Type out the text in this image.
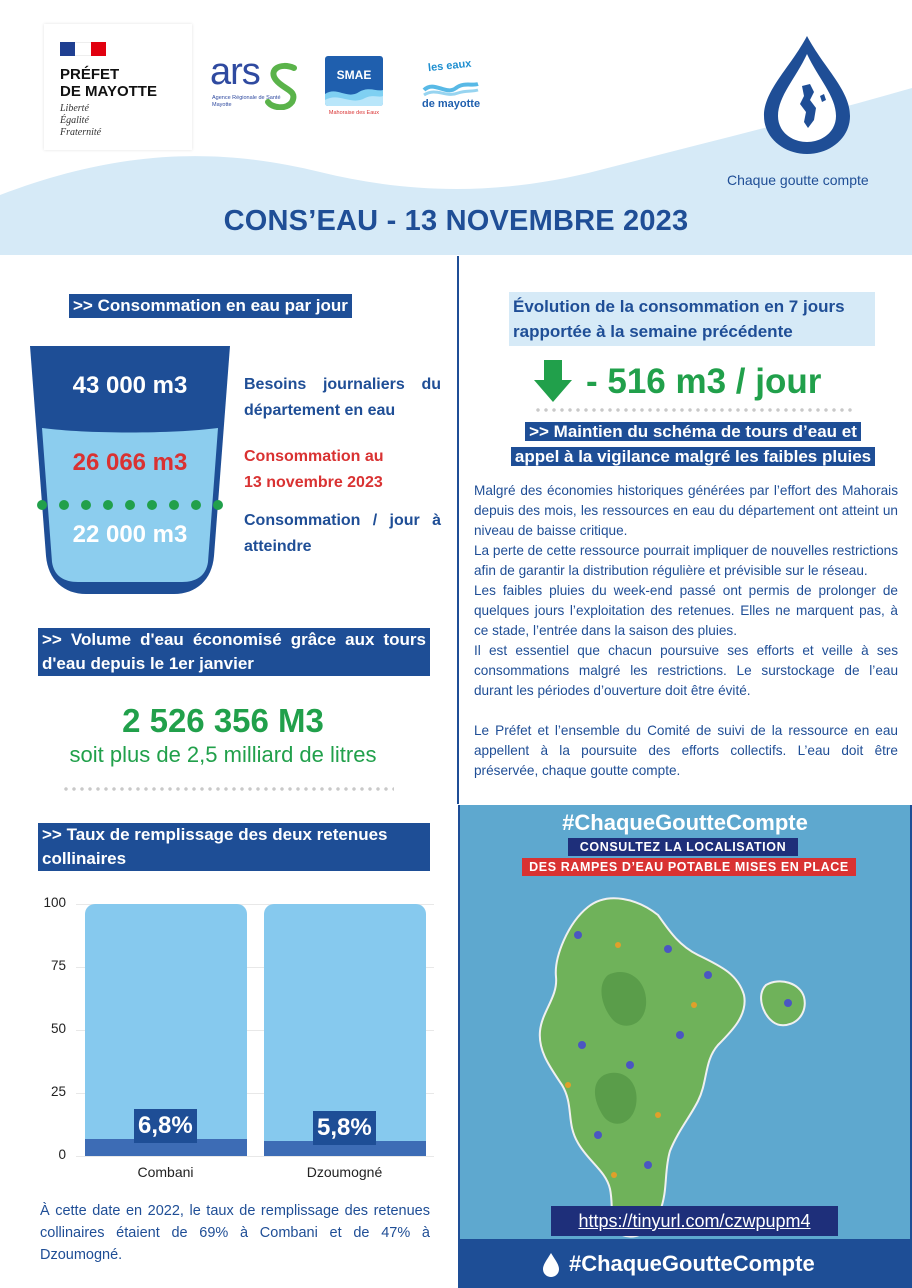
PRÉFET
DE MAYOTTE
Liberté
Égalité
Fraternité
ars
Agence Régionale de Santé
Mayotte
SMAE
Mahoraise des Eaux
les eaux
de mayotte
Chaque goutte compte
CONS’EAU - 13 NOVEMBRE 2023
>> Consommation en eau par jour
43 000 m3
26 066 m3
22 000 m3
Besoins journaliers du département en eau
Consommation au
13 novembre 2023
Consommation / jour à atteindre
>> Volume d'eau économisé grâce aux tours d'eau depuis le 1er janvier
2 526 356 M3
soit plus de 2,5 milliard de litres
>> Taux de remplissage des deux retenues collinaires
0
25
50
75
100
6,8%
Combani
5,8%
Dzoumogné
À cette date en 2022, le taux de remplissage des retenues collinaires étaient de 69% à Combani et de 47% à Dzoumogné.
Évolution de la consommation en 7 jours
rapportée à la semaine précédente
- 516 m3 / jour
>> Maintien du schéma de tours d’eau et
appel à la vigilance malgré les faibles pluies

Malgré des économies historiques générées par l’effort des Mahorais depuis des mois, les ressources en eau du département ont atteint un niveau de baisse critique.

La perte de cette ressource pourrait impliquer de nouvelles restrictions afin de garantir la distribution régulière et prévisible sur le réseau.

Les faibles pluies du week-end passé ont permis de prolonger de quelques jours l’exploitation des retenues. Elles ne marquent pas, à ce stade, l’entrée dans la saison des pluies.

Il est essentiel que chacun poursuive ses efforts et veille à ses consommations malgré les restrictions. Le surstockage de l’eau durant les périodes d’ouverture doit être évité.

Le Préfet et l’ensemble du Comité de suivi de la ressource en eau appellent à la poursuite des efforts collectifs. L’eau doit être préservée, chaque goutte compte.

#ChaqueGoutteCompte
CONSULTEZ LA LOCALISATION
DES RAMPES D’EAU POTABLE MISES EN PLACE
https://tinyurl.com/czwpupm4
#ChaqueGoutteCompte
